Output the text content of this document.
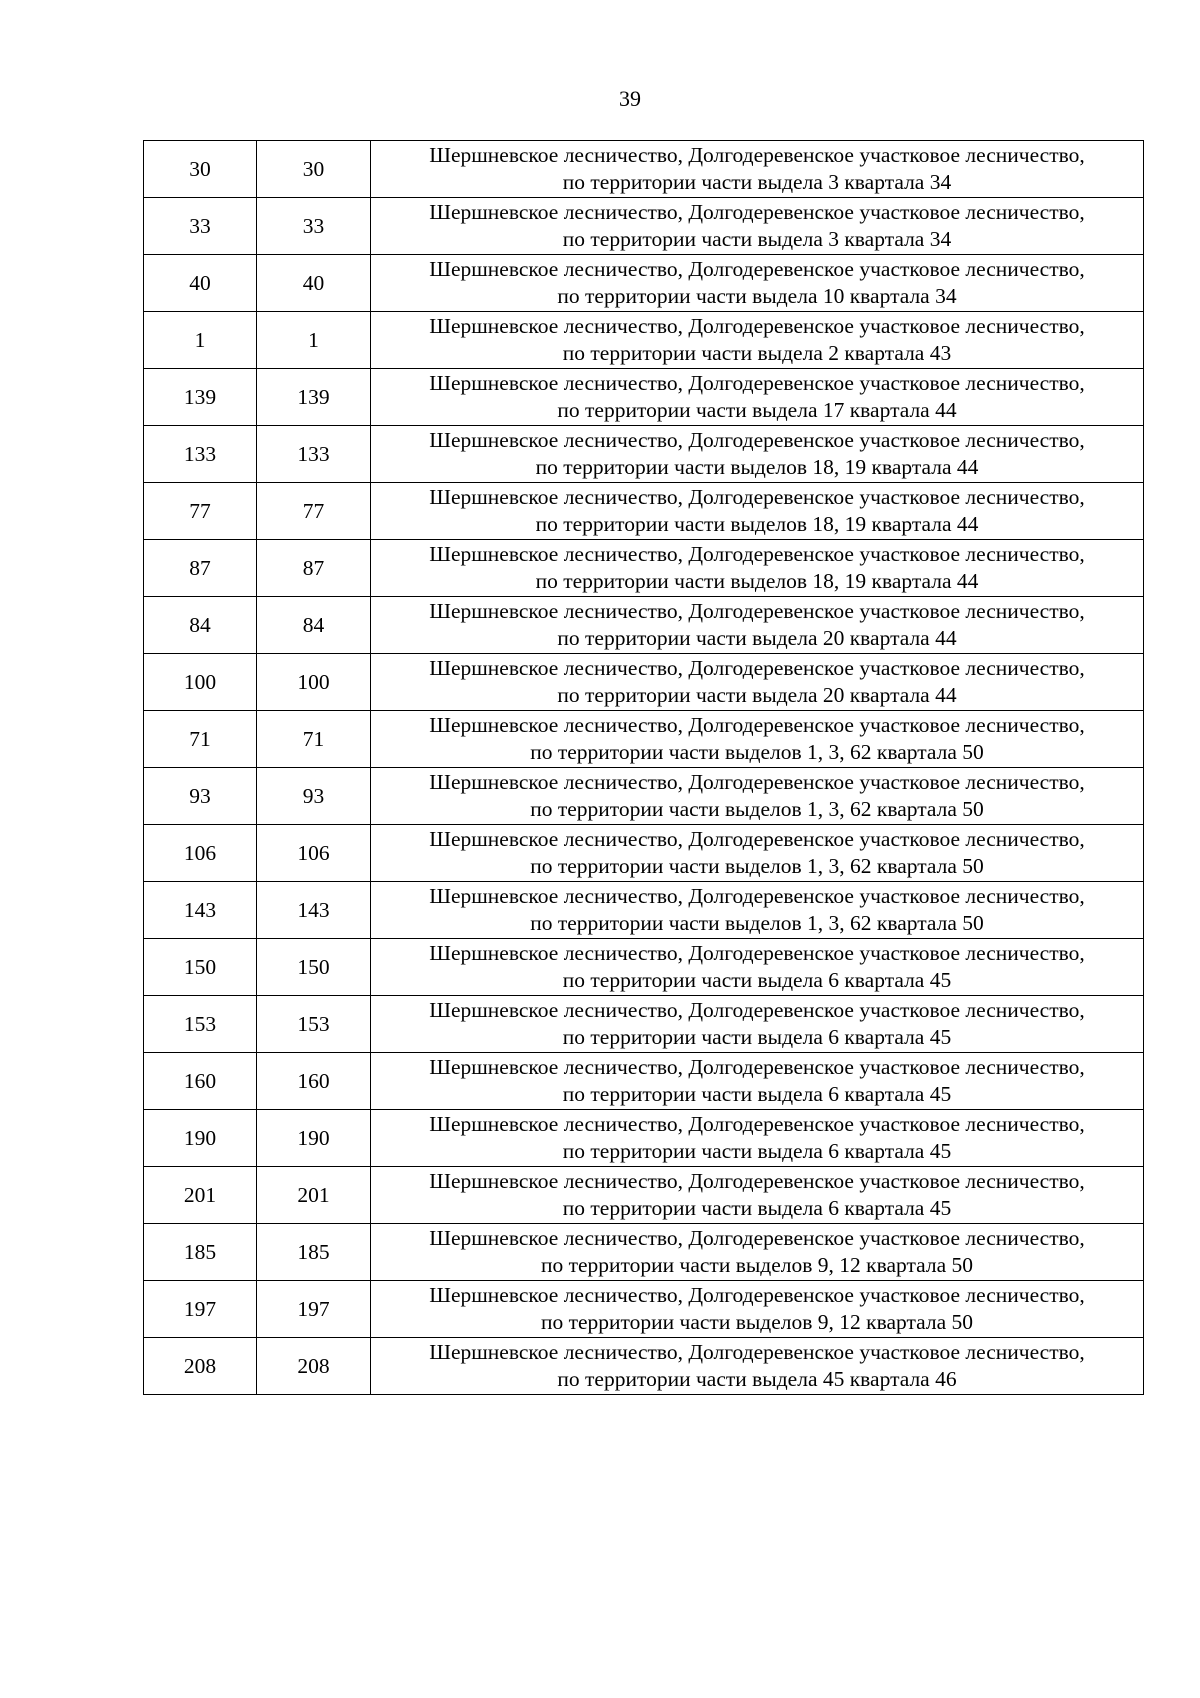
39
30	30	Шершневское лесничество, Долгодеревенское участковое лесничество,
по территории части выдела 3 квартала 34

33	33	Шершневское лесничество, Долгодеревенское участковое лесничество,
по территории части выдела 3 квартала 34

40	40	Шершневское лесничество, Долгодеревенское участковое лесничество,
по территории части выдела 10 квартала 34

1	1	Шершневское лесничество, Долгодеревенское участковое лесничество,
по территории части выдела 2 квартала 43

139	139	Шершневское лесничество, Долгодеревенское участковое лесничество,
по территории части выдела 17 квартала 44

133	133	Шершневское лесничество, Долгодеревенское участковое лесничество,
по территории части выделов 18, 19 квартала 44

77	77	Шершневское лесничество, Долгодеревенское участковое лесничество,
по территории части выделов 18, 19 квартала 44

87	87	Шершневское лесничество, Долгодеревенское участковое лесничество,
по территории части выделов 18, 19 квартала 44

84	84	Шершневское лесничество, Долгодеревенское участковое лесничество,
по территории части выдела 20 квартала 44

100	100	Шершневское лесничество, Долгодеревенское участковое лесничество,
по территории части выдела 20 квартала 44

71	71	Шершневское лесничество, Долгодеревенское участковое лесничество,
по территории части выделов 1, 3, 62 квартала 50

93	93	Шершневское лесничество, Долгодеревенское участковое лесничество,
по территории части выделов 1, 3, 62 квартала 50

106	106	Шершневское лесничество, Долгодеревенское участковое лесничество,
по территории части выделов 1, 3, 62 квартала 50

143	143	Шершневское лесничество, Долгодеревенское участковое лесничество,
по территории части выделов 1, 3, 62 квартала 50

150	150	Шершневское лесничество, Долгодеревенское участковое лесничество,
по территории части выдела 6 квартала 45

153	153	Шершневское лесничество, Долгодеревенское участковое лесничество,
по территории части выдела 6 квартала 45

160	160	Шершневское лесничество, Долгодеревенское участковое лесничество,
по территории части выдела 6 квартала 45

190	190	Шершневское лесничество, Долгодеревенское участковое лесничество,
по территории части выдела 6 квартала 45

201	201	Шершневское лесничество, Долгодеревенское участковое лесничество,
по территории части выдела 6 квартала 45

185	185	Шершневское лесничество, Долгодеревенское участковое лесничество,
по территории части выделов 9, 12 квартала 50

197	197	Шершневское лесничество, Долгодеревенское участковое лесничество,
по территории части выделов 9, 12 квартала 50

208	208	Шершневское лесничество, Долгодеревенское участковое лесничество,
по территории части выдела 45 квартала 46
